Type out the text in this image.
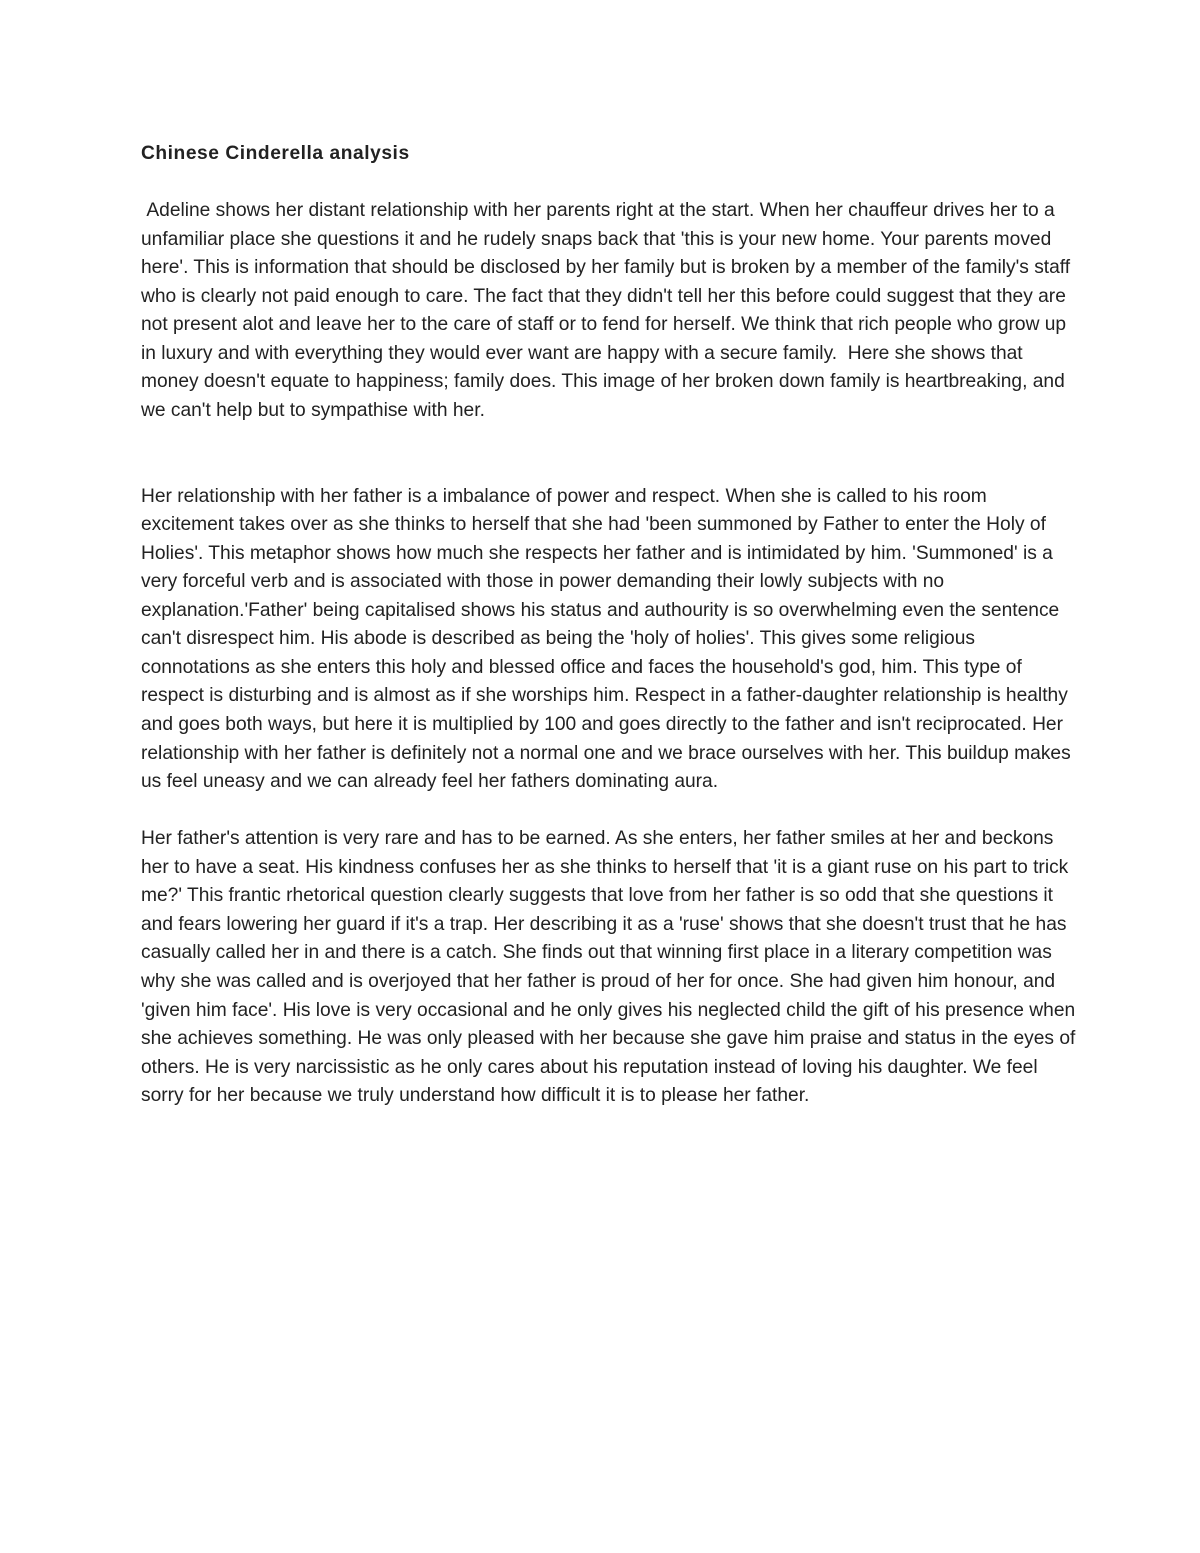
Chinese Cinderella analysis

Adeline shows her distant relationship with her parents right at the start. When her chauffeur drives her to a unfamiliar place she questions it and he rudely snaps back that 'this is your new home. Your parents moved here'. This is information that should be disclosed by her family but is broken by a member of the family's staff who is clearly not paid enough to care. The fact that they didn't tell her this before could suggest that they are not present alot and leave her to the care of staff or to fend for herself. We think that rich people who grow up in luxury and with everything they would ever want are happy with a secure family.  Here she shows that money doesn't equate to happiness; family does. This image of her broken down family is heartbreaking, and we can't help but to sympathise with her.

Her relationship with her father is a imbalance of power and respect. When she is called to his room excitement takes over as she thinks to herself that she had 'been summoned by Father to enter the Holy of Holies'. This metaphor shows how much she respects her father and is intimidated by him. 'Summoned' is a very forceful verb and is associated with those in power demanding their lowly subjects with no explanation.'Father' being capitalised shows his status and authourity is so overwhelming even the sentence can't disrespect him. His abode is described as being the 'holy of holies'. This gives some religious connotations as she enters this holy and blessed office and faces the household's god, him. This type of respect is disturbing and is almost as if she worships him. Respect in a father-daughter relationship is healthy and goes both ways, but here it is multiplied by 100 and goes directly to the father and isn't reciprocated. Her relationship with her father is definitely not a normal one and we brace ourselves with her. This buildup makes us feel uneasy and we can already feel her fathers dominating aura.

Her father's attention is very rare and has to be earned. As she enters, her father smiles at her and beckons her to have a seat. His kindness confuses her as she thinks to herself that 'it is a giant ruse on his part to trick me?' This frantic rhetorical question clearly suggests that love from her father is so odd that she questions it and fears lowering her guard if it's a trap. Her describing it as a 'ruse' shows that she doesn't trust that he has casually called her in and there is a catch. She finds out that winning first place in a literary competition was why she was called and is overjoyed that her father is proud of her for once. She had given him honour, and 'given him face'. His love is very occasional and he only gives his neglected child the gift of his presence when she achieves something. He was only pleased with her because she gave him praise and status in the eyes of others. He is very narcissistic as he only cares about his reputation instead of loving his daughter. We feel sorry for her because we truly understand how difficult it is to please her father.
